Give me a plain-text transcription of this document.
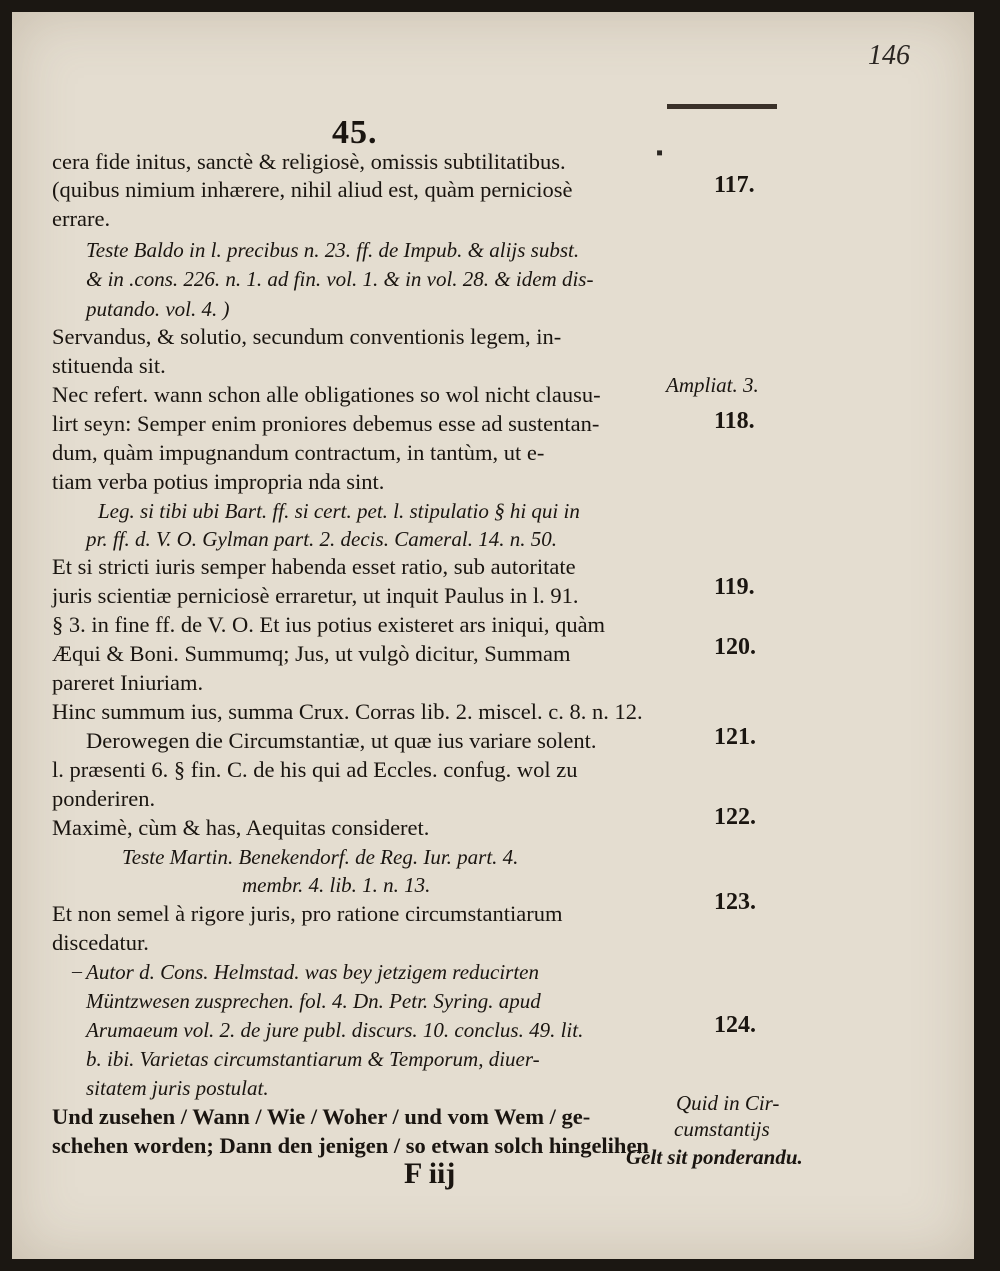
146
45.
cera fide initus, sanctè & religiosè, omissis subtilitatibus.
(quibus nimium inhærere, nihil aliud est, quàm perniciosè
errare.
Teste Baldo in l. precibus n. 23. ff. de Impub. & alijs subst.
& in .cons. 226. n. 1. ad fin. vol. 1. & in vol. 28. & idem dis-
putando. vol. 4. )
Servandus, & solutio, secundum conventionis legem, in-
stituenda sit.
Nec refert. wann schon alle obligationes so wol nicht clausu-
lirt seyn: Semper enim proniores debemus esse ad sustentan-
dum, quàm impugnandum contractum, in tantùm, ut e-
tiam verba potius impropria nda sint.
Leg. si tibi ubi Bart. ff. si cert. pet. l. stipulatio § hi qui in
pr. ff. d. V. O. Gylman part. 2. decis. Cameral. 14. n. 50.
Et si stricti iuris semper habenda esset ratio, sub autoritate
juris scientiæ perniciosè erraretur, ut inquit Paulus in l. 91.
§ 3. in fine ff. de V. O. Et ius potius existeret ars iniqui, quàm
Æqui & Boni. Summumq; Jus, ut vulgò dicitur, Summam
pareret Iniuriam.
Hinc summum ius, summa Crux. Corras lib. 2. miscel. c. 8. n. 12.
Derowegen die Circumstantiæ, ut quæ ius variare solent.
l. præsenti 6. § fin. C. de his qui ad Eccles. confug. wol zu
ponderiren.
Maximè, cùm & has, Aequitas consideret.
Teste Martin. Benekendorf. de Reg. Iur. part. 4.
membr. 4. lib. 1. n. 13.
Et non semel à rigore juris, pro ratione circumstantiarum
discedatur.
Autor d. Cons. Helmstad. was bey jetzigem reducirten
Müntzwesen zusprechen. fol. 4. Dn. Petr. Syring. apud
Arumaeum vol. 2. de jure publ. discurs. 10. conclus. 49. lit.
b. ibi. Varietas circumstantiarum & Temporum, diuer-
sitatem juris postulat.
Und zusehen / Wann / Wie / Woher / und vom Wem / ge-
schehen worden; Dann den jenigen / so etwan solch hingelihen
117.
118.
119.
120.
121.
122.
123.
124.
Ampliat. 3.
Quid in Cir-
cumstantijs
Gelt sit ponderandu.
▪
–
F iij
